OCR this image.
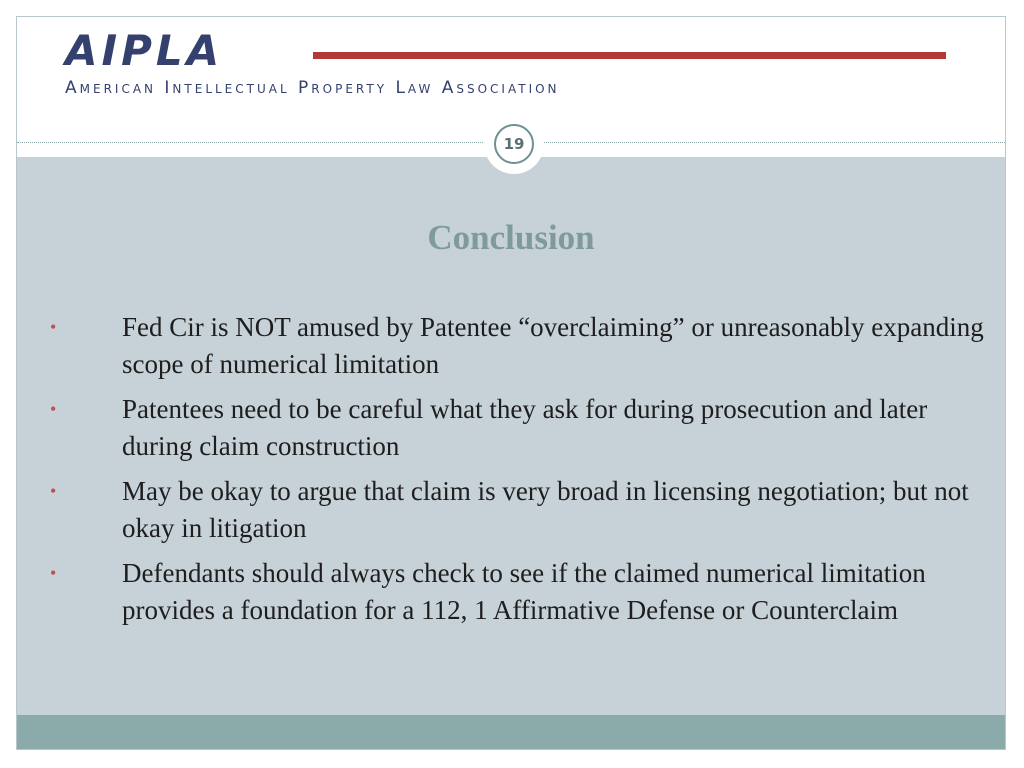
AIPLA
American Intellectual Property Law Association
19
Conclusion
• Fed Cir is NOT amused by Patentee “overclaiming” or unreasonably expanding scope of numerical limitation
• Patentees need to be careful what they ask for during prosecution and later during claim construction
• May be okay to argue that claim is very broad in licensing negotiation; but not okay in litigation
• Defendants should always check to see if the claimed numerical limitation provides a foundation for a 112, 1 Affirmative Defense or Counterclaim
